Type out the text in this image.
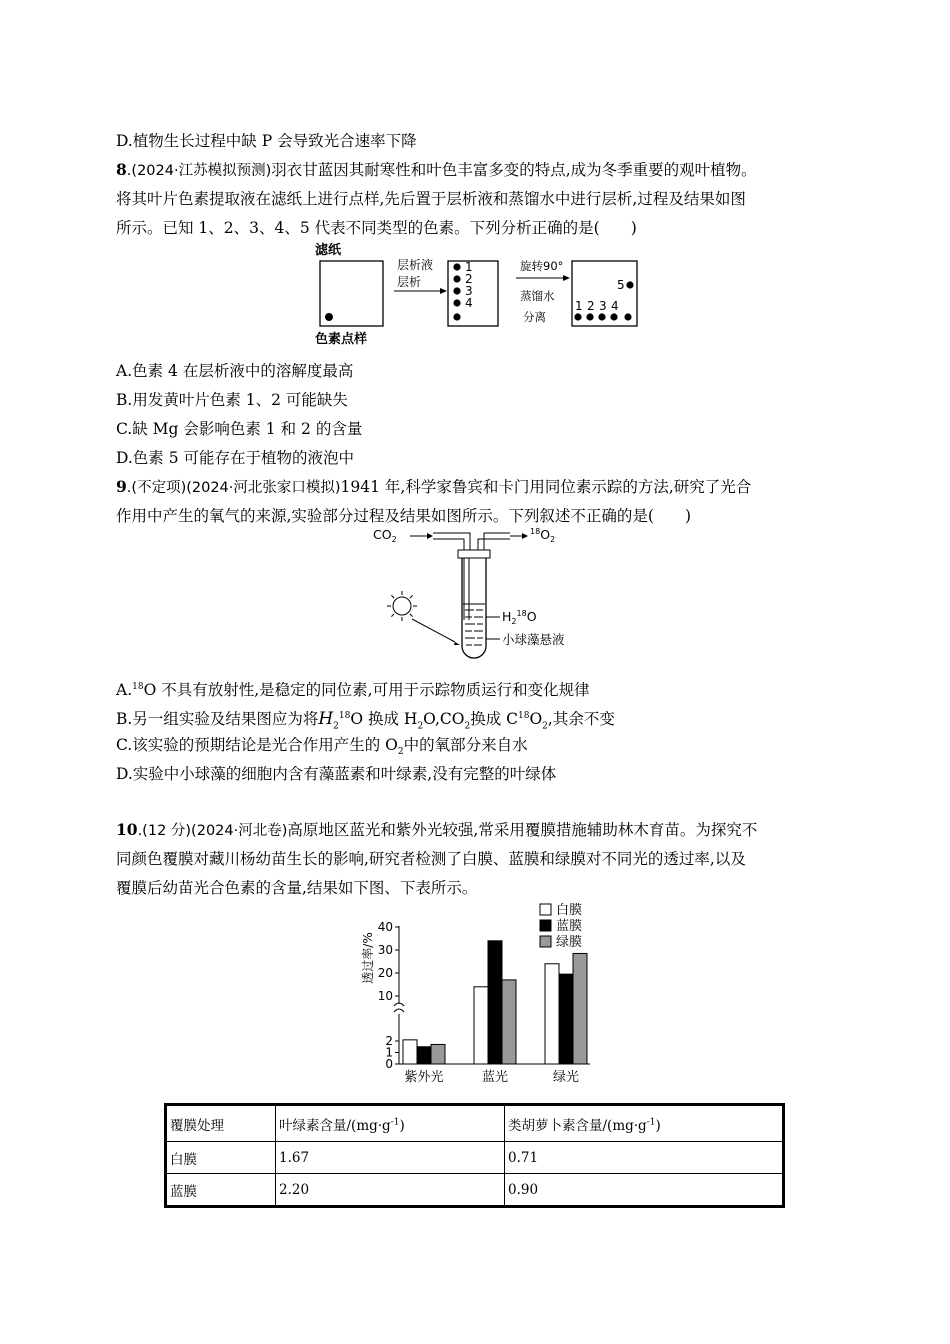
D.植物生长过程中缺 P 会导致光合速率下降
8.(2024·江苏模拟预测)羽衣甘蓝因其耐寒性和叶色丰富多变的特点,成为冬季重要的观叶植物。
将其叶片色素提取液在滤纸上进行点样,先后置于层析液和蒸馏水中进行层析,过程及结果如图
所示。已知 1、2、3、4、5 代表不同类型的色素。下列分析正确的是(　　)
滤纸
色素点样
层析液
层析
1
2
3
4
旋转90°
蒸馏水
分离
5
1 2 3 4
A.色素 4 在层析液中的溶解度最高
B.用发黄叶片色素 1、2 可能缺失
C.缺 Mg 会影响色素 1 和 2 的含量
D.色素 5 可能存在于植物的液泡中
9.(不定项)(2024·河北张家口模拟)1941 年,科学家鲁宾和卡门用同位素示踪的方法,研究了光合
作用中产生的氧气的来源,实验部分过程及结果如图所示。下列叙述不正确的是(　　)
$CO_2$
$^{18}O_2$
$H_2^{18}O$
小球藻悬液
A.$^{18}$O 不具有放射性,是稳定的同位素,可用于示踪物质运行和变化规律
B.另一组实验及结果图应为将$H_2^{18}O$ 换成 $H_2O,CO_2$换成 $C^{18}O_2$,其余不变
C.该实验的预期结论是光合作用产生的 $O_2$中的氧部分来自水
D.实验中小球藻的细胞内含有藻蓝素和叶绿素,没有完整的叶绿体
10.(12 分)(2024·河北卷)高原地区蓝光和紫外光较强,常采用覆膜措施辅助林木育苗。为探究不
同颜色覆膜对藏川杨幼苗生长的影响,研究者检测了白膜、蓝膜和绿膜对不同光的透过率,以及
覆膜后幼苗光合色素的含量,结果如下图、下表所示。
透过率/%
0
1
2
10
20
30
40
紫外光	蓝光	绿光
白膜
蓝膜
绿膜
覆膜处理	叶绿素含量$/(mg\cdot g^{-1})$	类胡萝卜素含量$/(mg\cdot g^{-1})$
白膜	1.67	0.71
蓝膜	2.20	0.90
